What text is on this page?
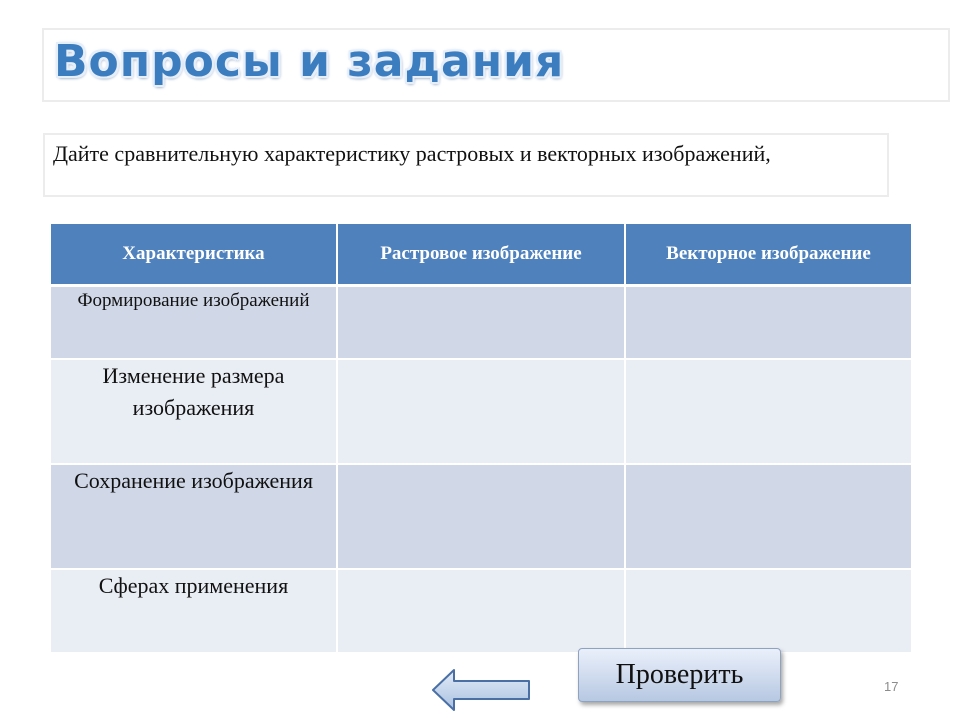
Вопросы и задания
Дайте сравнительную характеристику растровых и векторных изображений,
Характеристика	Растровое изображение	Векторное изображение
Формирование изображений		
Изменение размера изображения		
Сохранение изображения		
Сферах применения		
Проверить	17
